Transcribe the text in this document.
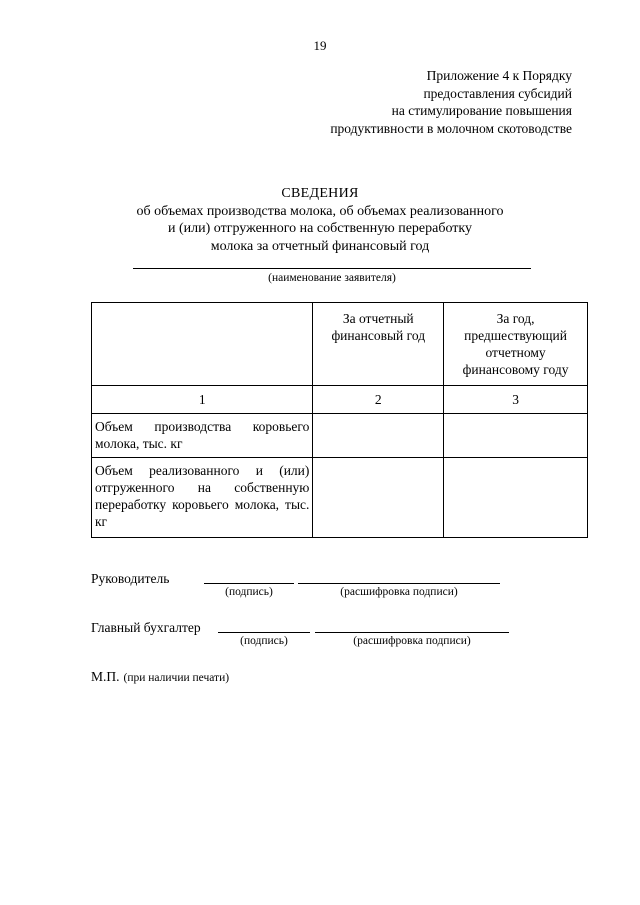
19
Приложение 4 к Порядку
предоставления субсидий
на стимулирование повышения
продуктивности в молочном скотоводстве
СВЕДЕНИЯ
об объемах производства молока, об объемах реализованного
и (или) отгруженного на собственную переработку
молока за отчетный финансовый год
(наименование заявителя)
	За отчетный финансовый год	За год, предшествующий отчетному финансовому году
1	2	3
Объем производства коровьего молока, тыс. кг		
Объем реализованного и (или) отгруженного на собственную переработку коровьего молока, тыс. кг		
Руководитель
(подпись)	(расшифровка подписи)
Главный бухгалтер
(подпись)	(расшифровка подписи)
М.П. (при наличии печати)
